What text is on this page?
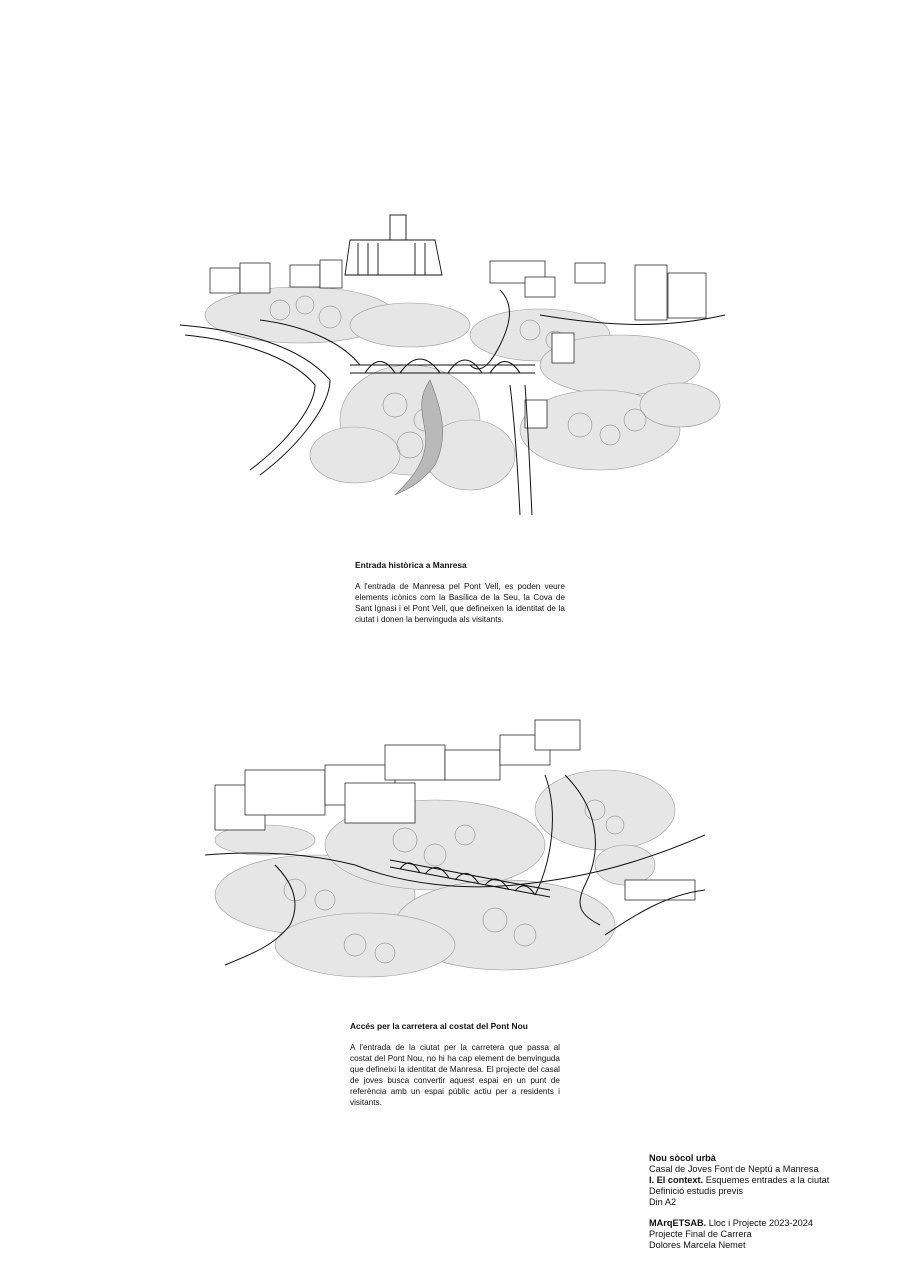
Entrada històrica a Manresa

A l'entrada de Manresa pel Pont Vell, es poden veure elements icònics com la Basílica de la Seu, la Cova de Sant Ignasi i el Pont Vell, que defineixen la identitat de la ciutat i donen la benvinguda als visitants.

Accés per la carretera al costat del Pont Nou

A l'entrada de la ciutat per la carretera que passa al costat del Pont Nou, no hi ha cap element de benvinguda que defineixi la identitat de Manresa. El projecte del casal de joves busca convertir aquest espai en un punt de referència amb un espai públic actiu per a residents i visitants.

Nou sòcol urbà
Casal de Joves Font de Neptú a Manresa
I. El context. Esquemes entrades a la ciutat
Definició estudis previs
Din A2
MArqETSAB. Lloc i Projecte 2023-2024
Projecte Final de Carrera
Dolores Marcela Nemet
